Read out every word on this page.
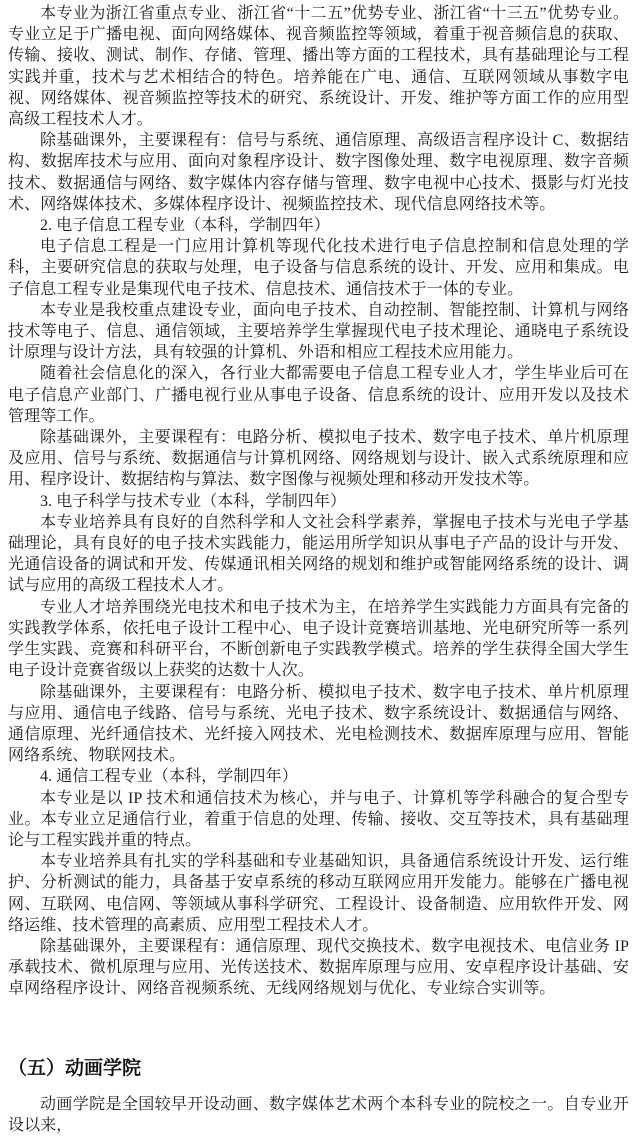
本专业为浙江省重点专业、浙江省“十二五”优势专业、浙江省“十三五”优势专业。专业立足于广播电视、面向网络媒体、视音频监控等领域，着重于视音频信息的获取、传输、接收、测试、制作、存储、管理、播出等方面的工程技术，具有基础理论与工程实践并重，技术与艺术相结合的特色。培养能在广电、通信、互联网领域从事数字电视、网络媒体、视音频监控等技术的研究、系统设计、开发、维护等方面工作的应用型高级工程技术人才。

除基础课外，主要课程有：信号与系统、通信原理、高级语言程序设计 C、数据结构、数据库技术与应用、面向对象程序设计、数字图像处理、数字电视原理、数字音频技术、数据通信与网络、数字媒体内容存储与管理、数字电视中心技术、摄影与灯光技术、网络媒体技术、多媒体程序设计、视频监控技术、现代信息网络技术等。

2. 电子信息工程专业（本科，学制四年）

电子信息工程是一门应用计算机等现代化技术进行电子信息控制和信息处理的学科，主要研究信息的获取与处理，电子设备与信息系统的设计、开发、应用和集成。电子信息工程专业是集现代电子技术、信息技术、通信技术于一体的专业。

本专业是我校重点建设专业，面向电子技术、自动控制、智能控制、计算机与网络技术等电子、信息、通信领域，主要培养学生掌握现代电子技术理论、通晓电子系统设计原理与设计方法，具有较强的计算机、外语和相应工程技术应用能力。

随着社会信息化的深入，各行业大都需要电子信息工程专业人才，学生毕业后可在电子信息产业部门、广播电视行业从事电子设备、信息系统的设计、应用开发以及技术管理等工作。

除基础课外，主要课程有：电路分析、模拟电子技术、数字电子技术、单片机原理及应用、信号与系统、数据通信与计算机网络、网络规划与设计、嵌入式系统原理和应用、程序设计、数据结构与算法、数字图像与视频处理和移动开发技术等。

3. 电子科学与技术专业（本科，学制四年）

本专业培养具有良好的自然科学和人文社会科学素养，掌握电子技术与光电子学基础理论，具有良好的电子技术实践能力，能运用所学知识从事电子产品的设计与开发、光通信设备的调试和开发、传媒通讯相关网络的规划和维护或智能网络系统的设计、调试与应用的高级工程技术人才。

专业人才培养围绕光电技术和电子技术为主，在培养学生实践能力方面具有完备的实践教学体系，依托电子设计工程中心、电子设计竞赛培训基地、光电研究所等一系列学生实践、竞赛和科研平台，不断创新电子实践教学模式。培养的学生获得全国大学生电子设计竞赛省级以上获奖的达数十人次。

除基础课外，主要课程有：电路分析、模拟电子技术、数字电子技术、单片机原理与应用、通信电子线路、信号与系统、光电子技术、数字系统设计、数据通信与网络、通信原理、光纤通信技术、光纤接入网技术、光电检测技术、数据库原理与应用、智能网络系统、物联网技术。

4. 通信工程专业（本科，学制四年）

本专业是以 IP 技术和通信技术为核心，并与电子、计算机等学科融合的复合型专业。本专业立足通信行业，着重于信息的处理、传输、接收、交互等技术，具有基础理论与工程实践并重的特点。

本专业培养具有扎实的学科基础和专业基础知识，具备通信系统设计开发、运行维护、分析测试的能力，具备基于安卓系统的移动互联网应用开发能力。能够在广播电视网、互联网、电信网、等领域从事科学研究、工程设计、设备制造、应用软件开发、网络运维、技术管理的高素质、应用型工程技术人才。

除基础课外，主要课程有：通信原理、现代交换技术、数字电视技术、电信业务 IP 承载技术、微机原理与应用、光传送技术、数据库原理与应用、安卓程序设计基础、安卓网络程序设计、网络音视频系统、无线网络规划与优化、专业综合实训等。

（五）动画学院

动画学院是全国较早开设动画、数字媒体艺术两个本科专业的院校之一。自专业开设以来，
